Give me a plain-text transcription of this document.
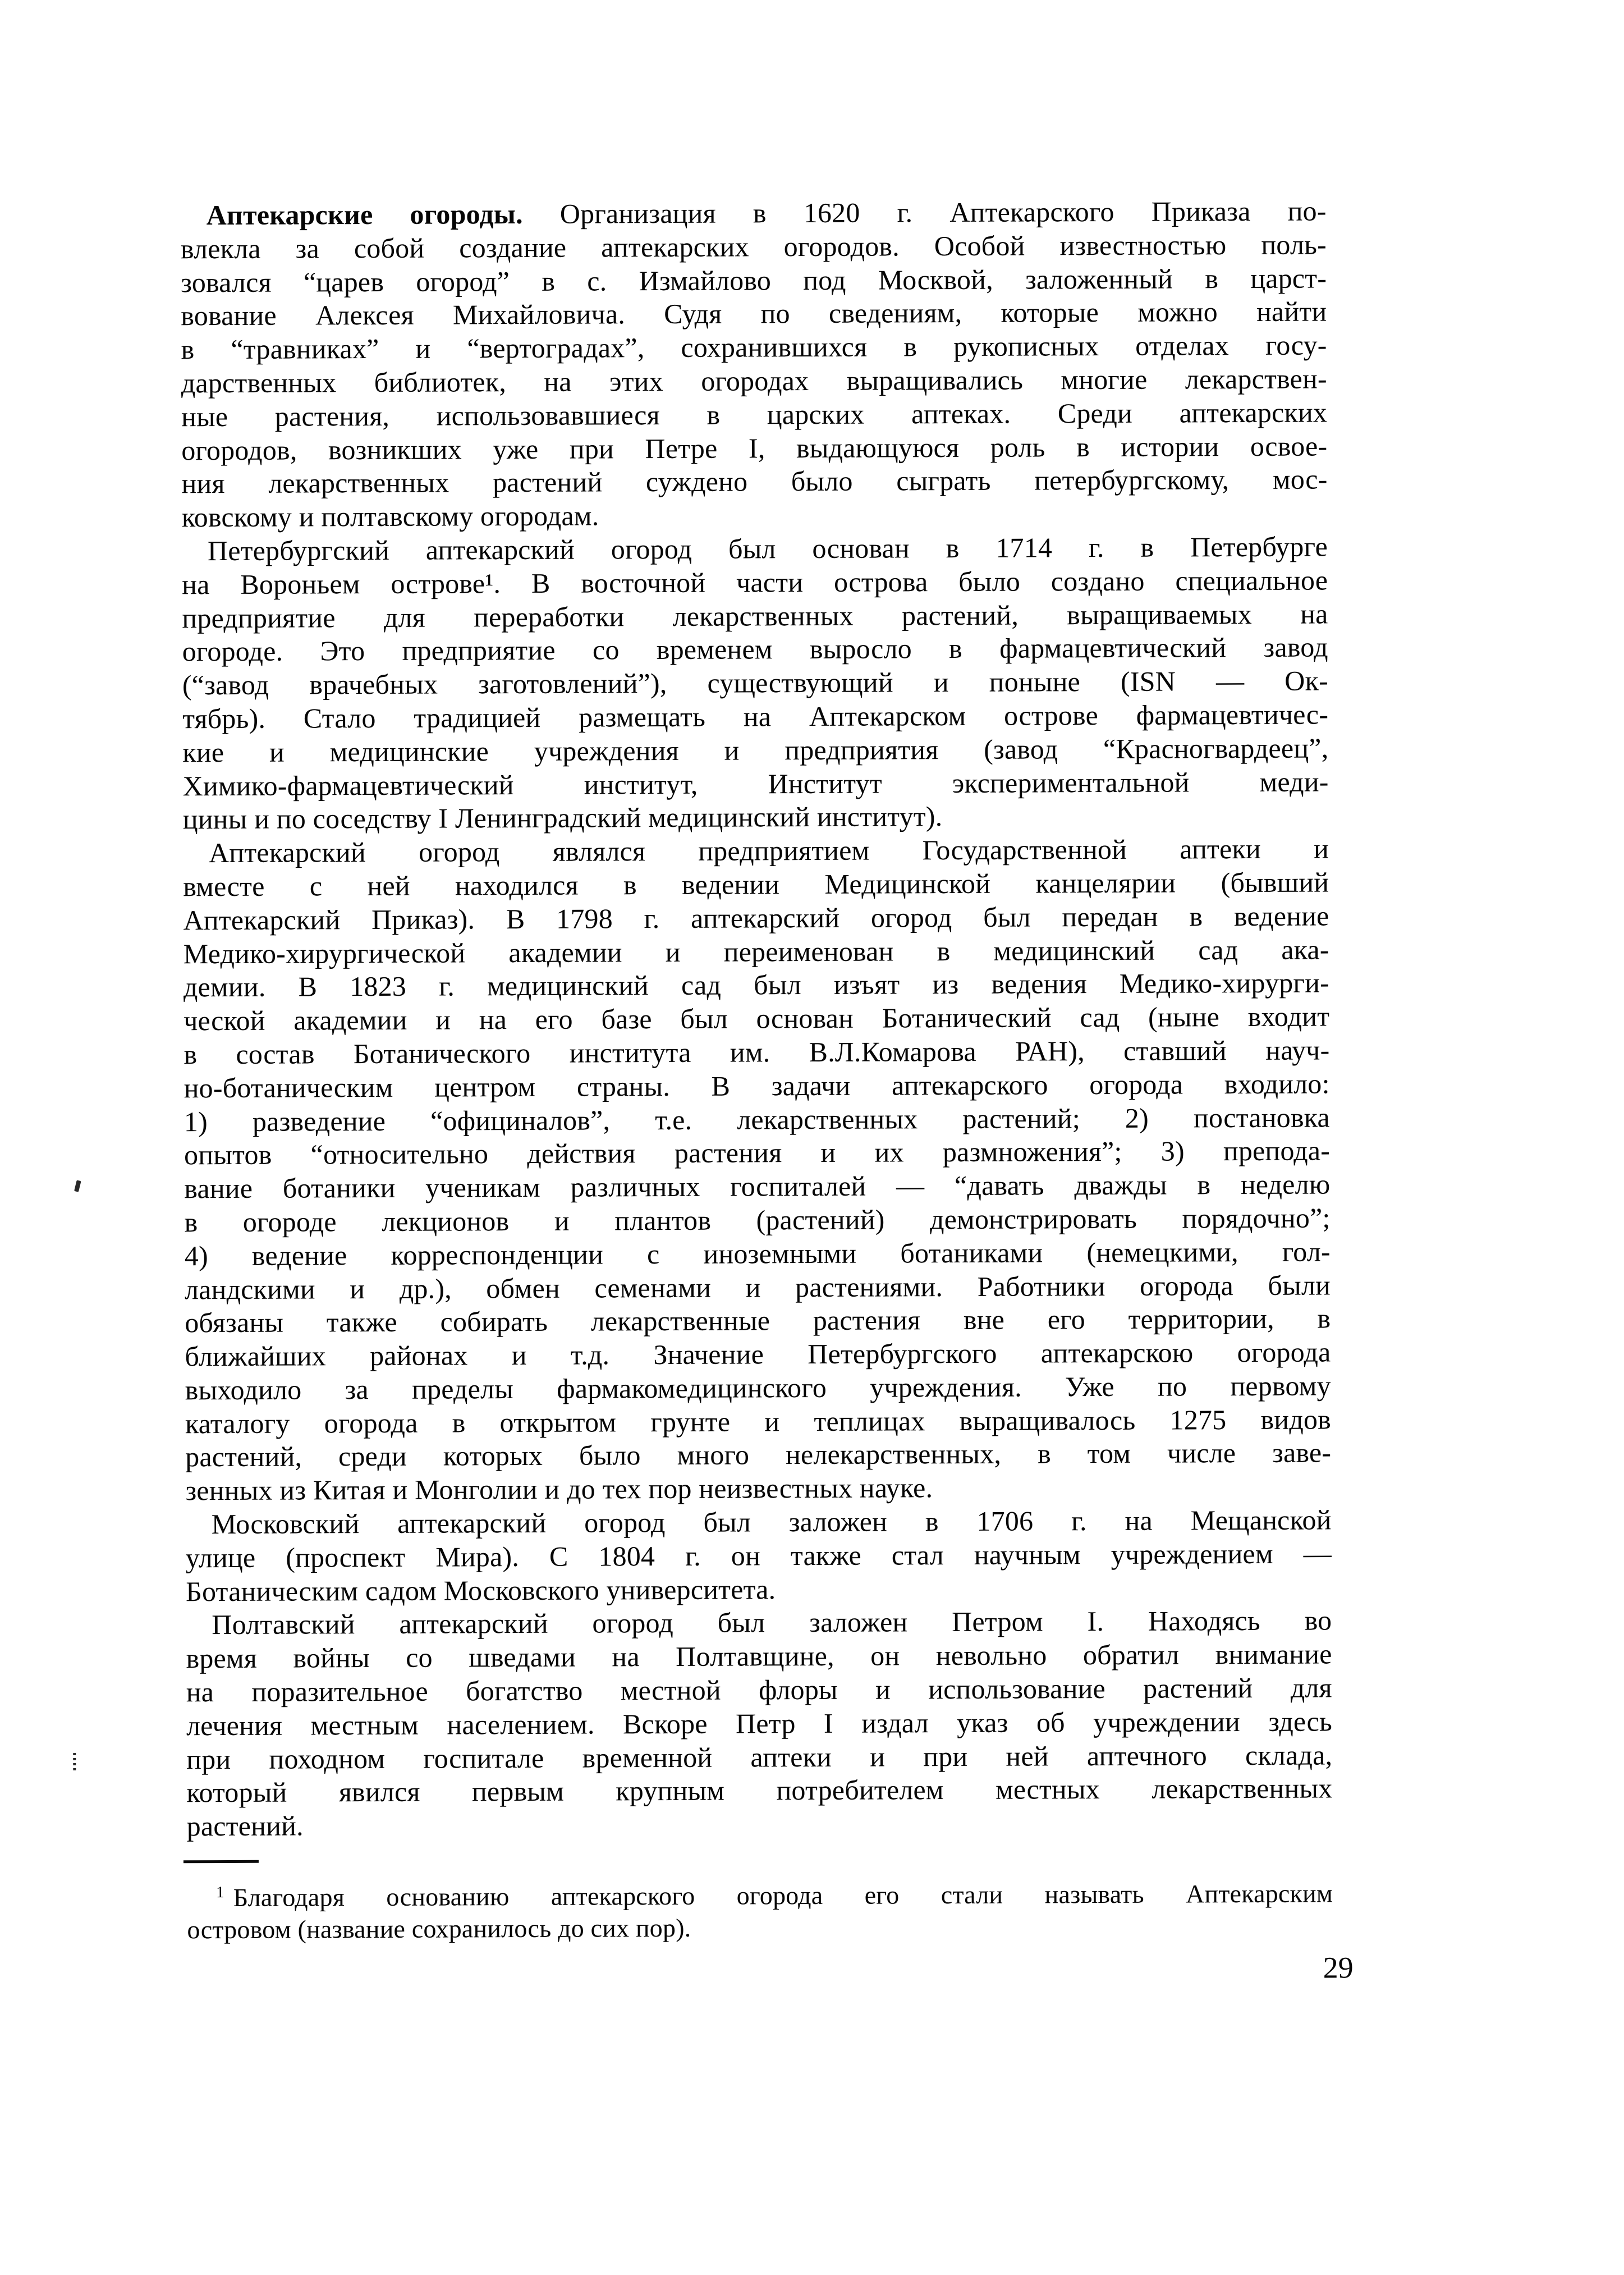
Аптекарские огороды. Организация в 1620 г. Аптекарского Приказа по-
влекла за собой создание аптекарских огородов. Особой известностью поль-
зовался “царев огород” в с. Измайлово под Москвой, заложенный в царст-
вование Алексея Михайловича. Судя по сведениям, которые можно найти
в “травниках” и “вертоградах”, сохранившихся в рукописных отделах госу-
дарственных библиотек, на этих огородах выращивались многие лекарствен-
ные растения, использовавшиеся в царских аптеках. Среди аптекарских
огородов, возникших уже при Петре I, выдающуюся роль в истории освое-
ния лекарственных растений суждено было сыграть петербургскому, мос-
ковскому и полтавскому огородам.
Петербургский аптекарский огород был основан в 1714 г. в Петербурге
на Вороньем острове¹. В восточной части острова было создано специальное
предприятие для переработки лекарственных растений, выращиваемых на
огороде. Это предприятие со временем выросло в фармацевтический завод
(“завод врачебных заготовлений”), существующий и поныне (ISN — Ок-
тябрь). Стало традицией размещать на Аптекарском острове фармацевтичес-
кие и медицинские учреждения и предприятия (завод “Красногвардеец”,
Химико-фармацевтический институт, Институт экспериментальной меди-
цины и по соседству I Ленинградский медицинский институт).
Аптекарский огород являлся предприятием Государственной аптеки и
вместе с ней находился в ведении Медицинской канцелярии (бывший
Аптекарский Приказ). В 1798 г. аптекарский огород был передан в ведение
Медико-хирургической академии и переименован в медицинский сад ака-
демии. В 1823 г. медицинский сад был изъят из ведения Медико-хирурги-
ческой академии и на его базе был основан Ботанический сад (ныне входит
в состав Ботанического института им. В.Л.Комарова РАН), ставший науч-
но-ботаническим центром страны. В задачи аптекарского огорода входило:
1) разведение “официналов”, т.е. лекарственных растений; 2) постановка
опытов “относительно действия растения и их размножения”; 3) препода-
вание ботаники ученикам различных госпиталей — “давать дважды в неделю
в огороде лекционов и плантов (растений) демонстрировать порядочно”;
4) ведение корреспонденции с иноземными ботаниками (немецкими, гол-
ландскими и др.), обмен семенами и растениями. Работники огорода были
обязаны также собирать лекарственные растения вне его территории, в
ближайших районах и т.д. Значение Петербургского аптекарскою огорода
выходило за пределы фармакомедицинского учреждения. Уже по первому
каталогу огорода в открытом грунте и теплицах выращивалось 1275 видов
растений, среди которых было много нелекарственных, в том числе заве-
зенных из Китая и Монголии и до тех пор неизвестных науке.
Московский аптекарский огород был заложен в 1706 г. на Мещанской
улице (проспект Мира). С 1804 г. он также стал научным учреждением —
Ботаническим садом Московского университета.
Полтавский аптекарский огород был заложен Петром I. Находясь во
время войны со шведами на Полтавщине, он невольно обратил внимание
на поразительное богатство местной флоры и использование растений для
лечения местным населением. Вскоре Петр I издал указ об учреждении здесь
при походном госпитале временной аптеки и при ней аптечного склада,
который явился первым крупным потребителем местных лекарственных
растений.
$^1$ Благодаря основанию аптекарского огорода его стали называть Аптекарским
островом (название сохранилось до сих пор).
29
